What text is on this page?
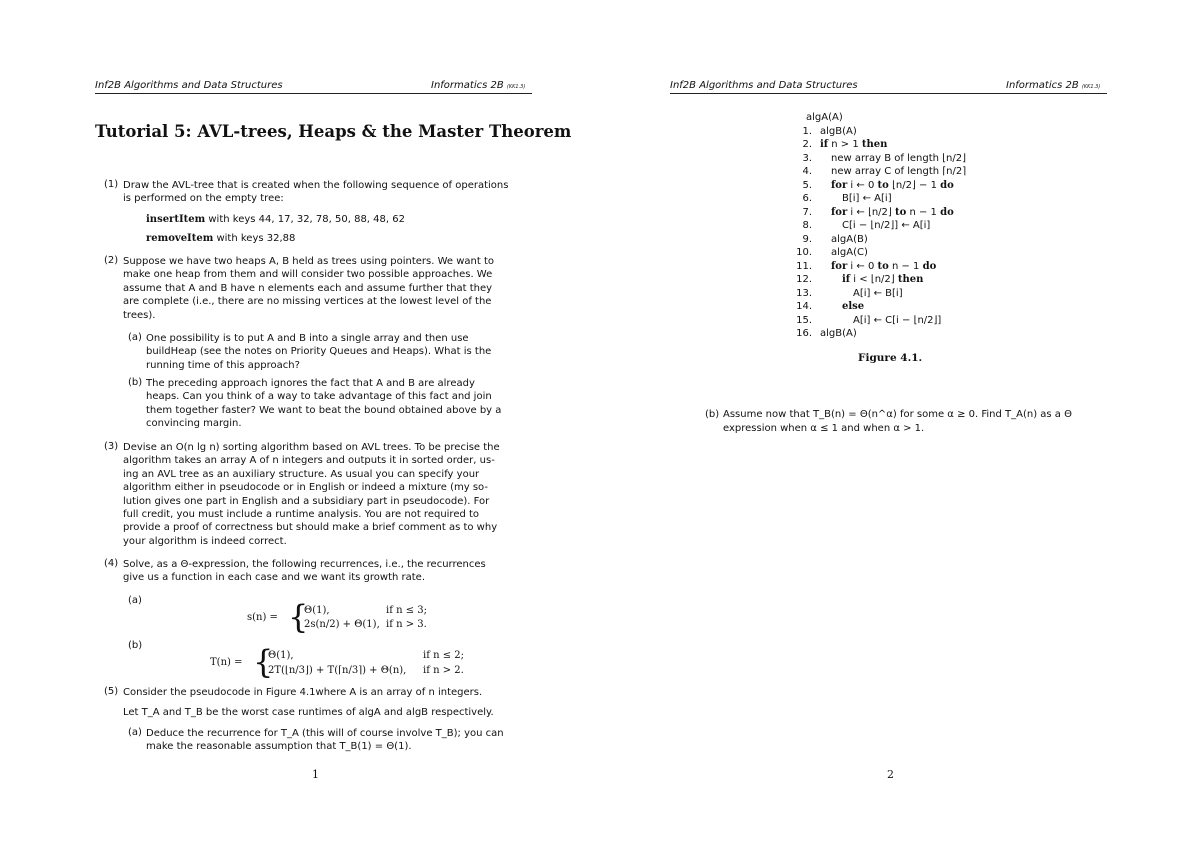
Inf2B Algorithms and Data Structures	Informatics 2B (KK1.3)
Tutorial 5: AVL-trees, Heaps & the Master Theorem
(1) Draw the AVL-tree that is created when the following sequence of operations
is performed on the empty tree:
insertItem with keys 44, 17, 32, 78, 50, 88, 48, 62
removeItem with keys 32,88
(2) Suppose we have two heaps A, B held as trees using pointers. We want to
make one heap from them and will consider two possible approaches. We
assume that A and B have n elements each and assume further that they
are complete (i.e., there are no missing vertices at the lowest level of the
trees).
(a) One possibility is to put A and B into a single array and then use
buildHeap (see the notes on Priority Queues and Heaps). What is the
running time of this approach?
(b) The preceding approach ignores the fact that A and B are already
heaps. Can you think of a way to take advantage of this fact and join
them together faster? We want to beat the bound obtained above by a
convincing margin.
(3) Devise an O(n lg n) sorting algorithm based on AVL trees. To be precise the
algorithm takes an array A of n integers and outputs it in sorted order, us-
ing an AVL tree as an auxiliary structure. As usual you can specify your
algorithm either in pseudocode or in English or indeed a mixture (my so-
lution gives one part in English and a subsidiary part in pseudocode). For
full credit, you must include a runtime analysis. You are not required to
provide a proof of correctness but should make a brief comment as to why
your algorithm is indeed correct.
(4) Solve, as a Θ-expression, the following recurrences, i.e., the recurrences
give us a function in each case and we want its growth rate.
(a)
s(n) = {
Θ(1),	if n ≤ 3;
2s(n/2) + Θ(1), if n > 3.
(b)
T(n) = {
Θ(1),	if n ≤ 2;
2T(⌊n/3⌋) + T(⌈n/3⌉) + Θ(n), if n > 2.
(5) Consider the pseudocode in Figure 4.1where A is an array of n integers.
Let T_A and T_B be the worst case runtimes of algA and algB respectively.
(a) Deduce the recurrence for T_A (this will of course involve T_B); you can
make the reasonable assumption that T_B(1) = Θ(1).
1
Inf2B Algorithms and Data Structures	Informatics 2B (KK1.3)
algA(A)
1. algB(A)
2. if n > 1 then
3. new array B of length ⌊n/2⌋
4. new array C of length ⌈n/2⌉
5. for i ← 0 to ⌊n/2⌋ − 1 do
6.	B[i] ← A[i]
7. for i ← ⌊n/2⌋ to n − 1 do
8.	C[i − ⌊n/2⌋] ← A[i]
9. algA(B)
10. algA(C)
11. for i ← 0 to n − 1 do
12.	if i < ⌊n/2⌋ then
13.	A[i] ← B[i]
14.	else
15.	A[i] ← C[i − ⌊n/2⌋]
16. algB(A)
(b) Assume now that T_B(n) = Θ(n^α) for some α ≥ 0. Find T_A(n) as a Θ
expression when α ≤ 1 and when α > 1.
2
Figure 4.1.
